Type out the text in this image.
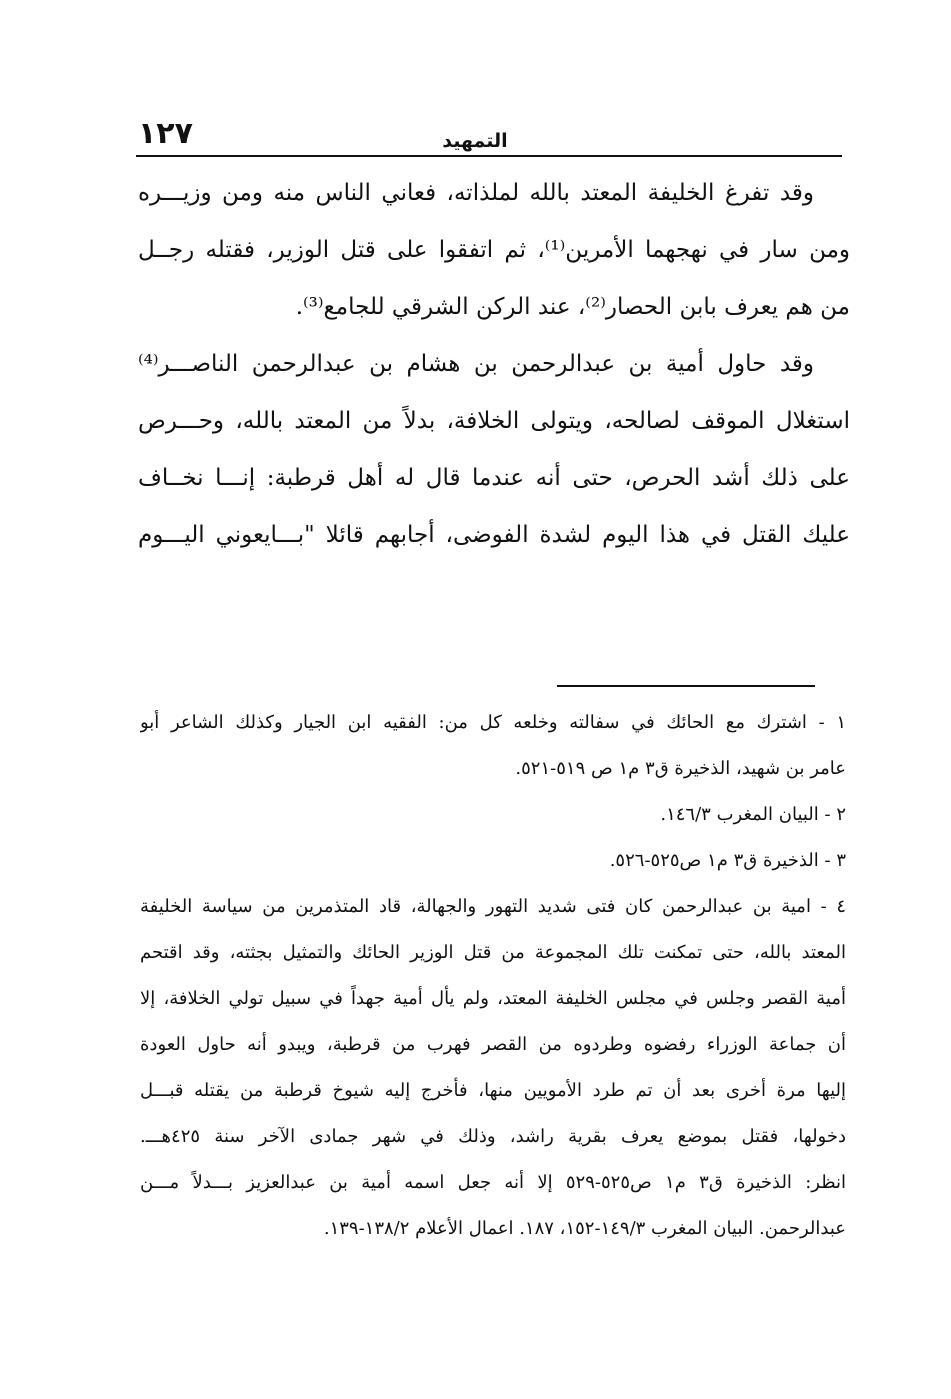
١٢٧	التمهيد
وقد تفرغ الخليفة المعتد بالله لملذاته، فعاني الناس منه ومن وزيـــره
ومن سار في نهجهما الأمرين⁽¹⁾، ثم اتفقوا على قتل الوزير، فقتله رجــل
من هم يعرف بابن الحصار⁽²⁾، عند الركن الشرقي للجامع⁽³⁾.
وقد حاول أمية بن عبدالرحمن بن هشام بن عبدالرحمن الناصـــر⁽⁴⁾
استغلال الموقف لصالحه، ويتولى الخلافة، بدلاً من المعتد بالله، وحـــرص
على ذلك أشد الحرص، حتى أنه عندما قال له أهل قرطبة: إنـــا نخــاف
عليك القتل في هذا اليوم لشدة الفوضى، أجابهم قائلا "بـــايعوني اليـــوم
١ - اشترك مع الحائك في سفالته وخلعه كل من: الفقيه ابن الجيار وكذلك الشاعر أبو
عامر بن شهيد، الذخيرة ق٣ م١ ص ٥١٩-٥٢١.
٢ - البيان المغرب ١٤٦/٣.
٣ - الذخيرة ق٣ م١ ص٥٢٥-٥٢٦.
٤ - امية بن عبدالرحمن كان فتى شديد التهور والجهالة، قاد المتذمرين من سياسة الخليفة
المعتد بالله، حتى تمكنت تلك المجموعة من قتل الوزير الحائك والتمثيل بجثته، وقد اقتحم
أمية القصر وجلس في مجلس الخليفة المعتد، ولم يأل أمية جهداً في سبيل تولي الخلافة، إلا
أن جماعة الوزراء رفضوه وطردوه من القصر فهرب من قرطبة، ويبدو أنه حاول العودة
إليها مرة أخرى بعد أن تم طرد الأمويين منها، فأخرج إليه شيوخ قرطبة من يقتله قبـــل
دخولها، فقتل بموضع يعرف بقرية راشد، وذلك في شهر جمادى الآخر سنة ٤٢٥هـــ.
انظر: الذخيرة ق٣ م١ ص٥٢٥-٥٢٩ إلا أنه جعل اسمه أمية بن عبدالعزيز بـــدلاً مـــن
عبدالرحمن. البيان المغرب ١٤٩/٣-١٥٢، ١٨٧. اعمال الأعلام ١٣٨/٢-١٣٩.
